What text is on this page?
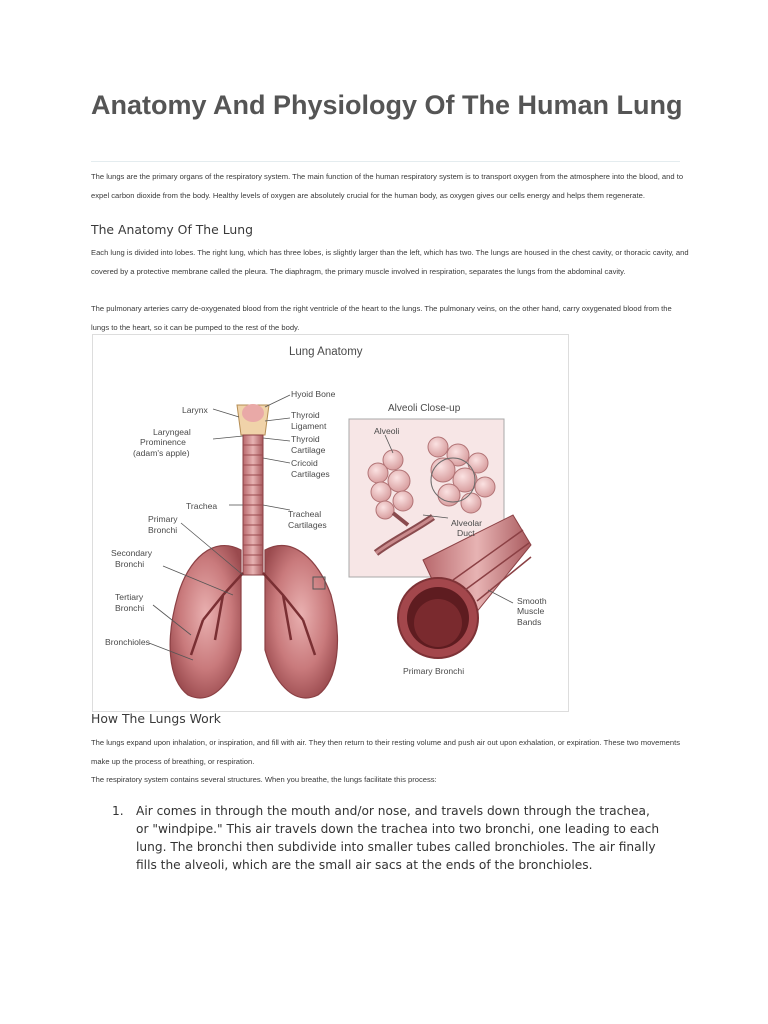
Anatomy And Physiology Of The Human Lung

The lungs are the primary organs of the respiratory system. The main function of the human respiratory system is to transport oxygen from the atmosphere into the blood, and to expel carbon dioxide from the body. Healthy levels of oxygen are absolutely crucial for the human body, as oxygen gives our cells energy and helps them regenerate.

The Anatomy Of The Lung

Each lung is divided into lobes. The right lung, which has three lobes, is slightly larger than the left, which has two. The lungs are housed in the chest cavity, or thoracic cavity, and covered by a protective membrane called the pleura. The diaphragm, the primary muscle involved in respiration, separates the lungs from the abdominal cavity.

The pulmonary arteries carry de-oxygenated blood from the right ventricle of the heart to the lungs. The pulmonary veins, on the other hand, carry oxygenated blood from the lungs to the heart, so it can be pumped to the rest of the body.

Lung Anatomy
Alveoli Close-up
Hyoid Bone
Larynx	Thyroid
Ligament
Laryngeal
Prominence
(adam's apple)
Thyroid
Cartilage
Cricoid
Cartilages
Trachea
Primary
Bronchi
Tracheal
Cartilages
Secondary
Bronchi
Tertiary
Bronchi
Bronchioles
Alveoli
Alveolar
Duct
Smooth
Muscle
Bands
Primary Bronchi
How The Lungs Work

The lungs expand upon inhalation, or inspiration, and fill with air. They then return to their resting volume and push air out upon exhalation, or expiration. These two movements make up the process of breathing, or respiration.

The respiratory system contains several structures. When you breathe, the lungs facilitate this process:

1. Air comes in through the mouth and/or nose, and travels down through the trachea, or "windpipe." This air travels down the trachea into two bronchi, one leading to each lung. The bronchi then subdivide into smaller tubes called bronchioles. The air finally fills the alveoli, which are the small air sacs at the ends of the bronchioles.
